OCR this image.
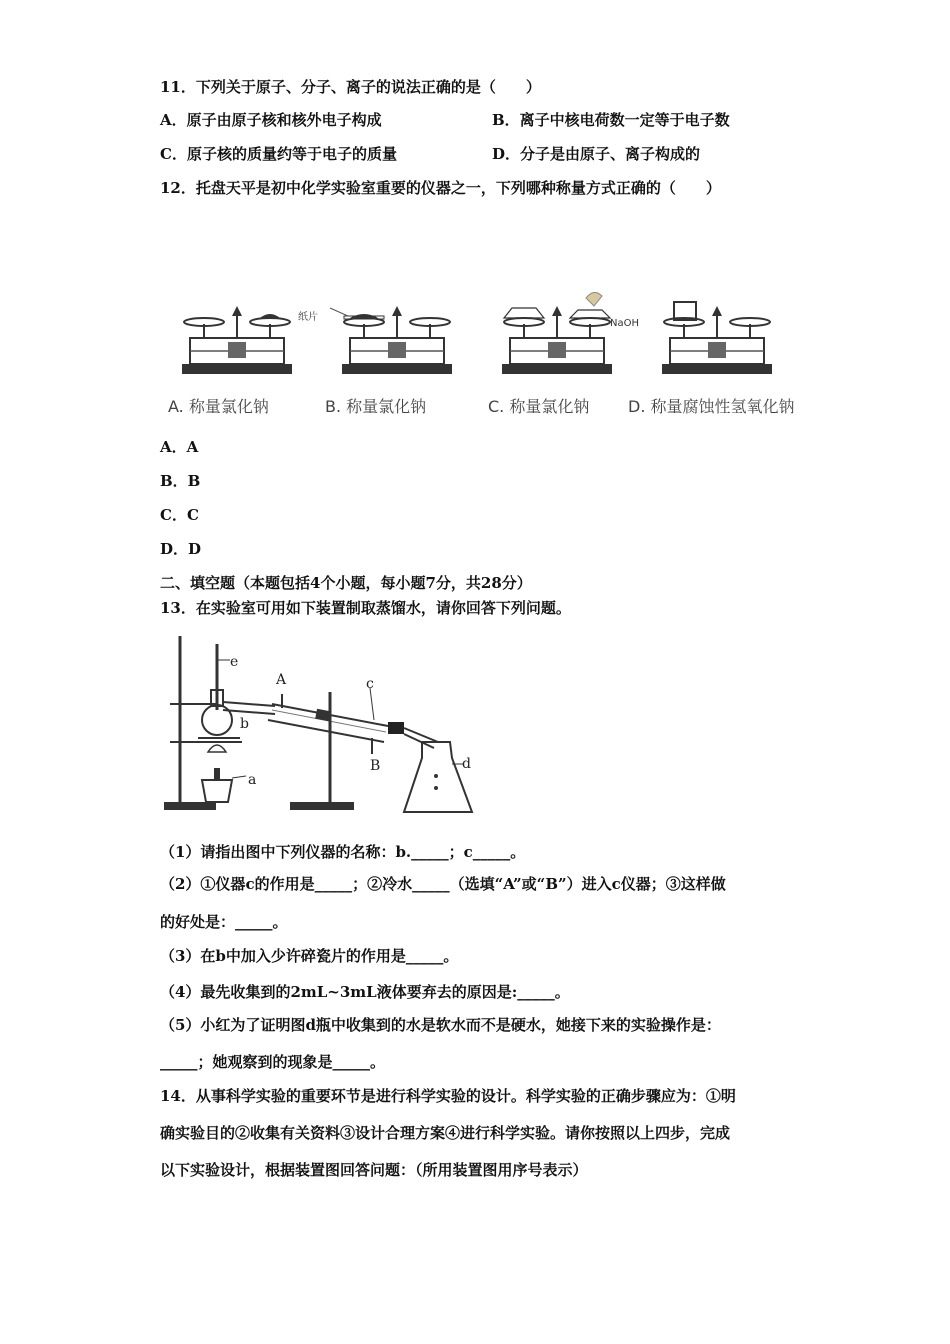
11．下列关于原子、分子、离子的说法正确的是（　　）
A．原子由原子核和核外电子构成	B．离子中核电荷数一定等于电子数
C．原子核的质量约等于电子的质量	D．分子是由原子、离子构成的
12．托盘天平是初中化学实验室重要的仪器之一，下列哪种称量方式正确的（　　）
纸片
NaOH
A. 称量氯化钠	B. 称量氯化钠	C. 称量氯化钠 D. 称量腐蚀性氢氧化钠
A．A
B．B
C．C
D．D
二、填空题（本题包括4个小题，每小题7分，共28分）
13．在实验室可用如下装置制取蒸馏水，请你回答下列问题。
e
A	c
b
a
B	d
（1）请指出图中下列仪器的名称：b._____；c_____。
（2）①仪器c的作用是_____；②冷水_____（选填“A”或“B”）进入c仪器；③这样做
的好处是：_____。
（3）在b中加入少许碎瓷片的作用是_____。
（4）最先收集到的2mL~3mL液体要弃去的原因是:_____。
（5）小红为了证明图d瓶中收集到的水是软水而不是硬水，她接下来的实验操作是：
_____；她观察到的现象是_____。
14．从事科学实验的重要环节是进行科学实验的设计。科学实验的正确步骤应为：①明
确实验目的②收集有关资料③设计合理方案④进行科学实验。请你按照以上四步，完成
以下实验设计，根据装置图回答问题：（所用装置图用序号表示）
